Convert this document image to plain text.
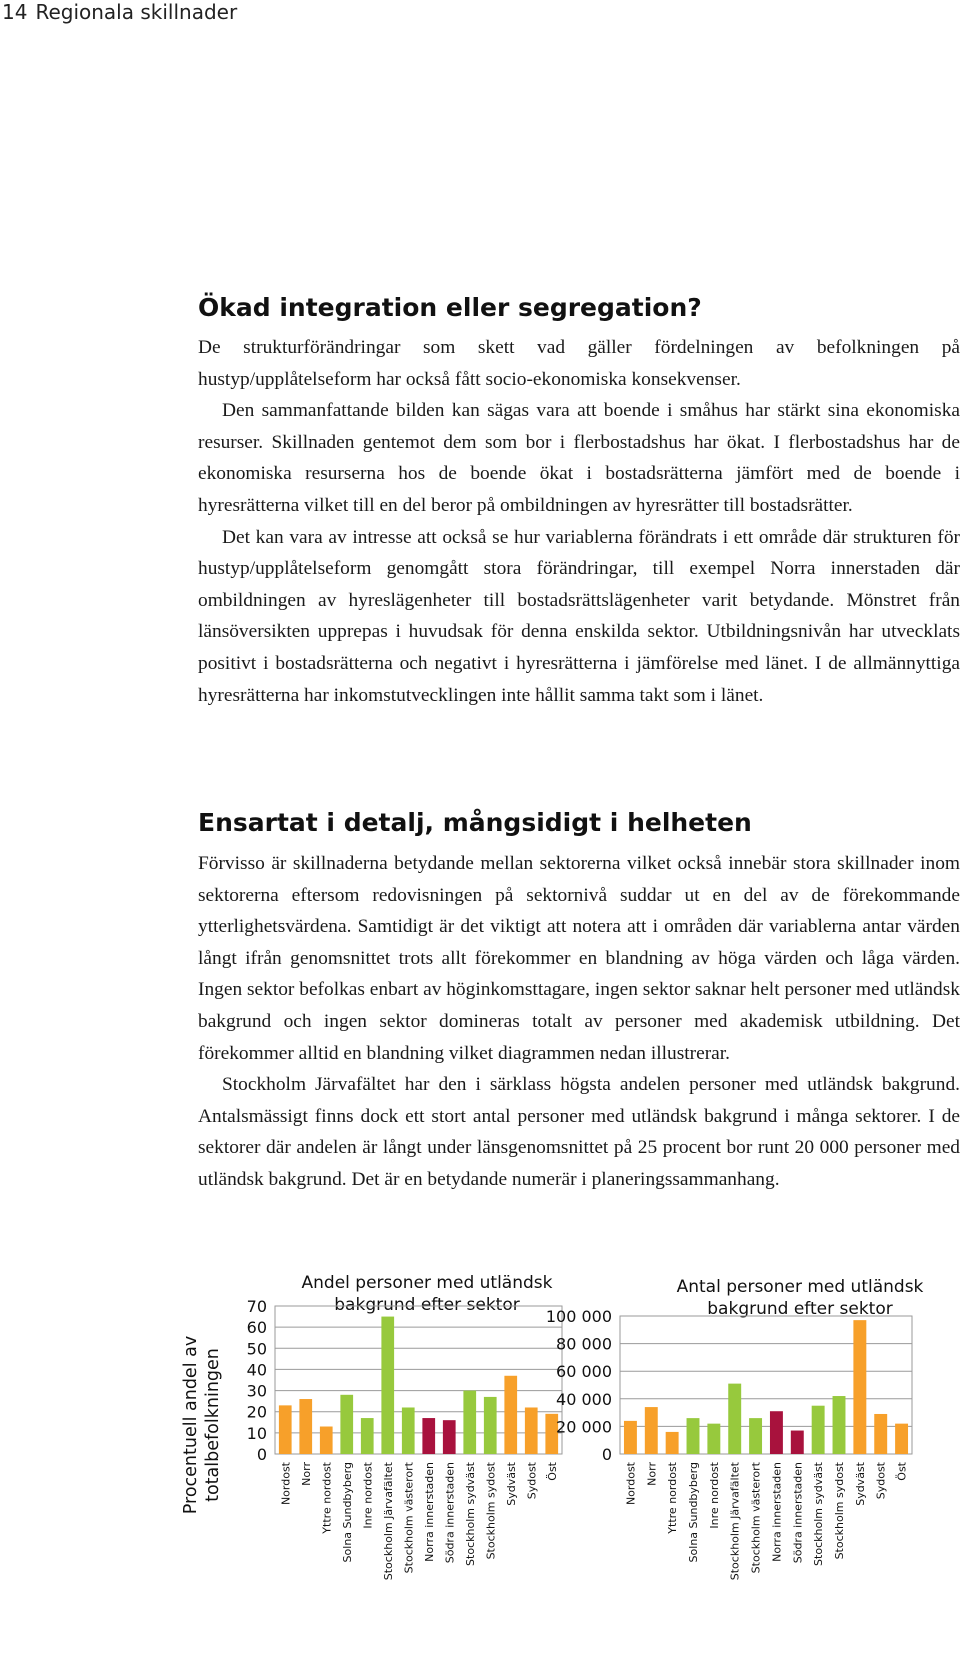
14 Regionala skillnader
Ökad integration eller segregation?

De strukturförändringar som skett vad gäller fördelningen av befolkningen på hustyp/upplåtelseform har också fått socio-ekonomiska konsekvenser.

Den sammanfattande bilden kan sägas vara att boende i småhus har stärkt sina ekonomiska resurser. Skillnaden gentemot dem som bor i flerbostadshus har ökat. I flerbostadshus har de ekonomiska resurserna hos de boende ökat i bostadsrätterna jämfört med de boende i hyresrätterna vilket till en del beror på ombildningen av hyresrätter till bostadsrätter.

Det kan vara av intresse att också se hur variablerna förändrats i ett område där strukturen för hustyp/upplåtelseform genomgått stora förändringar, till exempel Norra innerstaden där ombildningen av hyreslägenheter till bostadsrättslägenheter varit betydande. Mönstret från länsöversikten upprepas i huvudsak för denna enskilda sektor. Utbildningsnivån har utvecklats positivt i bostadsrätterna och negativt i hyresrätterna i jämförelse med länet. I de allmännyttiga hyresrätterna har inkomstutvecklingen inte hållit samma takt som i länet.

Ensartat i detalj, mångsidigt i helheten

Förvisso är skillnaderna betydande mellan sektorerna vilket också innebär stora skillnader inom sektorerna eftersom redovisningen på sektornivå suddar ut en del av de förekommande ytterlighetsvärdena. Samtidigt är det viktigt att notera att i områden där variablerna antar värden långt ifrån genomsnittet trots allt förekommer en blandning av höga värden och låga värden. Ingen sektor befolkas enbart av höginkomsttagare, ingen sektor saknar helt personer med utländsk bakgrund och ingen sektor domineras totalt av personer med akademisk utbildning. Det förekommer alltid en blandning vilket diagrammen nedan illustrerar.

Stockholm Järvafältet har den i särklass högsta andelen personer med utländsk bakgrund. Antalsmässigt finns dock ett stort antal personer med utländsk bakgrund i många sektorer. I de sektorer där andelen är långt under länsgenomsnittet på 25 procent bor runt 20 000 personer med utländsk bakgrund. Det är en betydande numerär i planeringssammanhang.

Andel personer med utländsk bakgrund efter sektor
Procentuell andel av totalbefolkningen	0
10
20
30
40
50
60
70
Nordost Norr Yttre nordost Solna Sundbyberg Inre nordost Stockholm Järvafältet Stockholm västerort Norra innerstaden Södra innerstaden Stockholm sydväst Stockholm sydost Sydväst Sydost Öst
Antal personer med utländsk bakgrund efter sektor
0
20 000
40 000
60 000
80 000
100 000
Nordost Norr Yttre nordost Solna Sundbyberg Inre nordost Stockholm Järvafältet Stockholm västerort Norra innerstaden Södra innerstaden Stockholm sydväst Stockholm sydost Sydväst Sydost Öst
